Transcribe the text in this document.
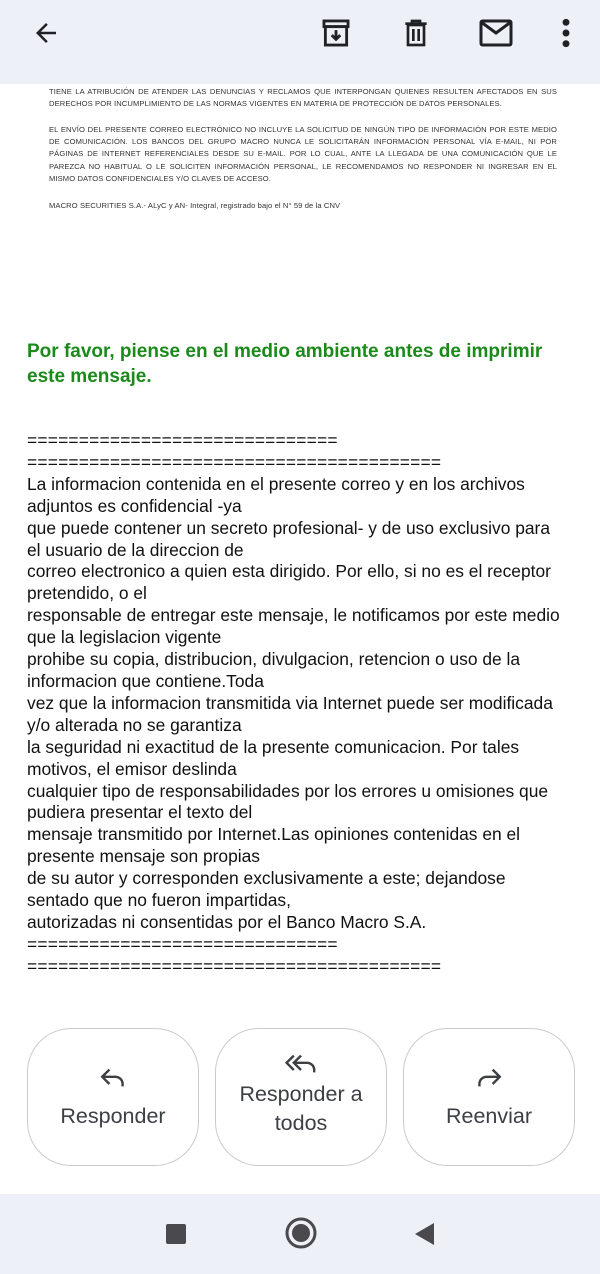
TIENE LA ATRIBUCIÓN DE ATENDER LAS DENUNCIAS Y RECLAMOS QUE INTERPONGAN QUIENES RESULTEN AFECTADOS EN SUS DERECHOS POR INCUMPLIMIENTO DE LAS NORMAS VIGENTES EN MATERIA DE PROTECCIÓN DE DATOS PERSONALES.

EL ENVÍO DEL PRESENTE CORREO ELECTRÓNICO NO INCLUYE LA SOLICITUD DE NINGÚN TIPO DE INFORMACIÓN POR ESTE MEDIO DE COMUNICACIÓN. LOS BANCOS DEL GRUPO MACRO NUNCA LE SOLICITARÁN INFORMACIÓN PERSONAL VÍA E-MAIL, NI POR PÁGINAS DE INTERNET REFERENCIALES DESDE SU E-MAIL. POR LO CUAL, ANTE LA LLEGADA DE UNA COMUNICACIÓN QUE LE PAREZCA NO HABITUAL O LE SOLICITEN INFORMACIÓN PERSONAL, LE RECOMENDAMOS NO RESPONDER NI INGRESAR EN EL MISMO DATOS CONFIDENCIALES Y/O CLAVES DE ACCESO.

MACRO SECURITIES S.A.- ALyC y AN- Integral, registrado bajo el N° 59 de la CNV

Por favor, piense en el medio ambiente antes de imprimir este mensaje.

==============================
========================================
La informacion contenida en el presente correo y en los archivos
adjuntos es confidencial -ya
que puede contener un secreto profesional- y de uso exclusivo para
el usuario de la direccion de
correo electronico a quien esta dirigido. Por ello, si no es el receptor
pretendido, o el
responsable de entregar este mensaje, le notificamos por este medio
que la legislacion vigente
prohibe su copia, distribucion, divulgacion, retencion o uso de la
informacion que contiene.Toda
vez que la informacion transmitida via Internet puede ser modificada
y/o alterada no se garantiza
la seguridad ni exactitud de la presente comunicacion. Por tales
motivos, el emisor deslinda
cualquier tipo de responsabilidades por los errores u omisiones que
pudiera presentar el texto del
mensaje transmitido por Internet.Las opiniones contenidas en el
presente mensaje son propias
de su autor y corresponden exclusivamente a este; dejandose
sentado que no fueron impartidas,
autorizadas ni consentidas por el Banco Macro S.A.
==============================
========================================
Responder
Responder a todos	Reenviar
